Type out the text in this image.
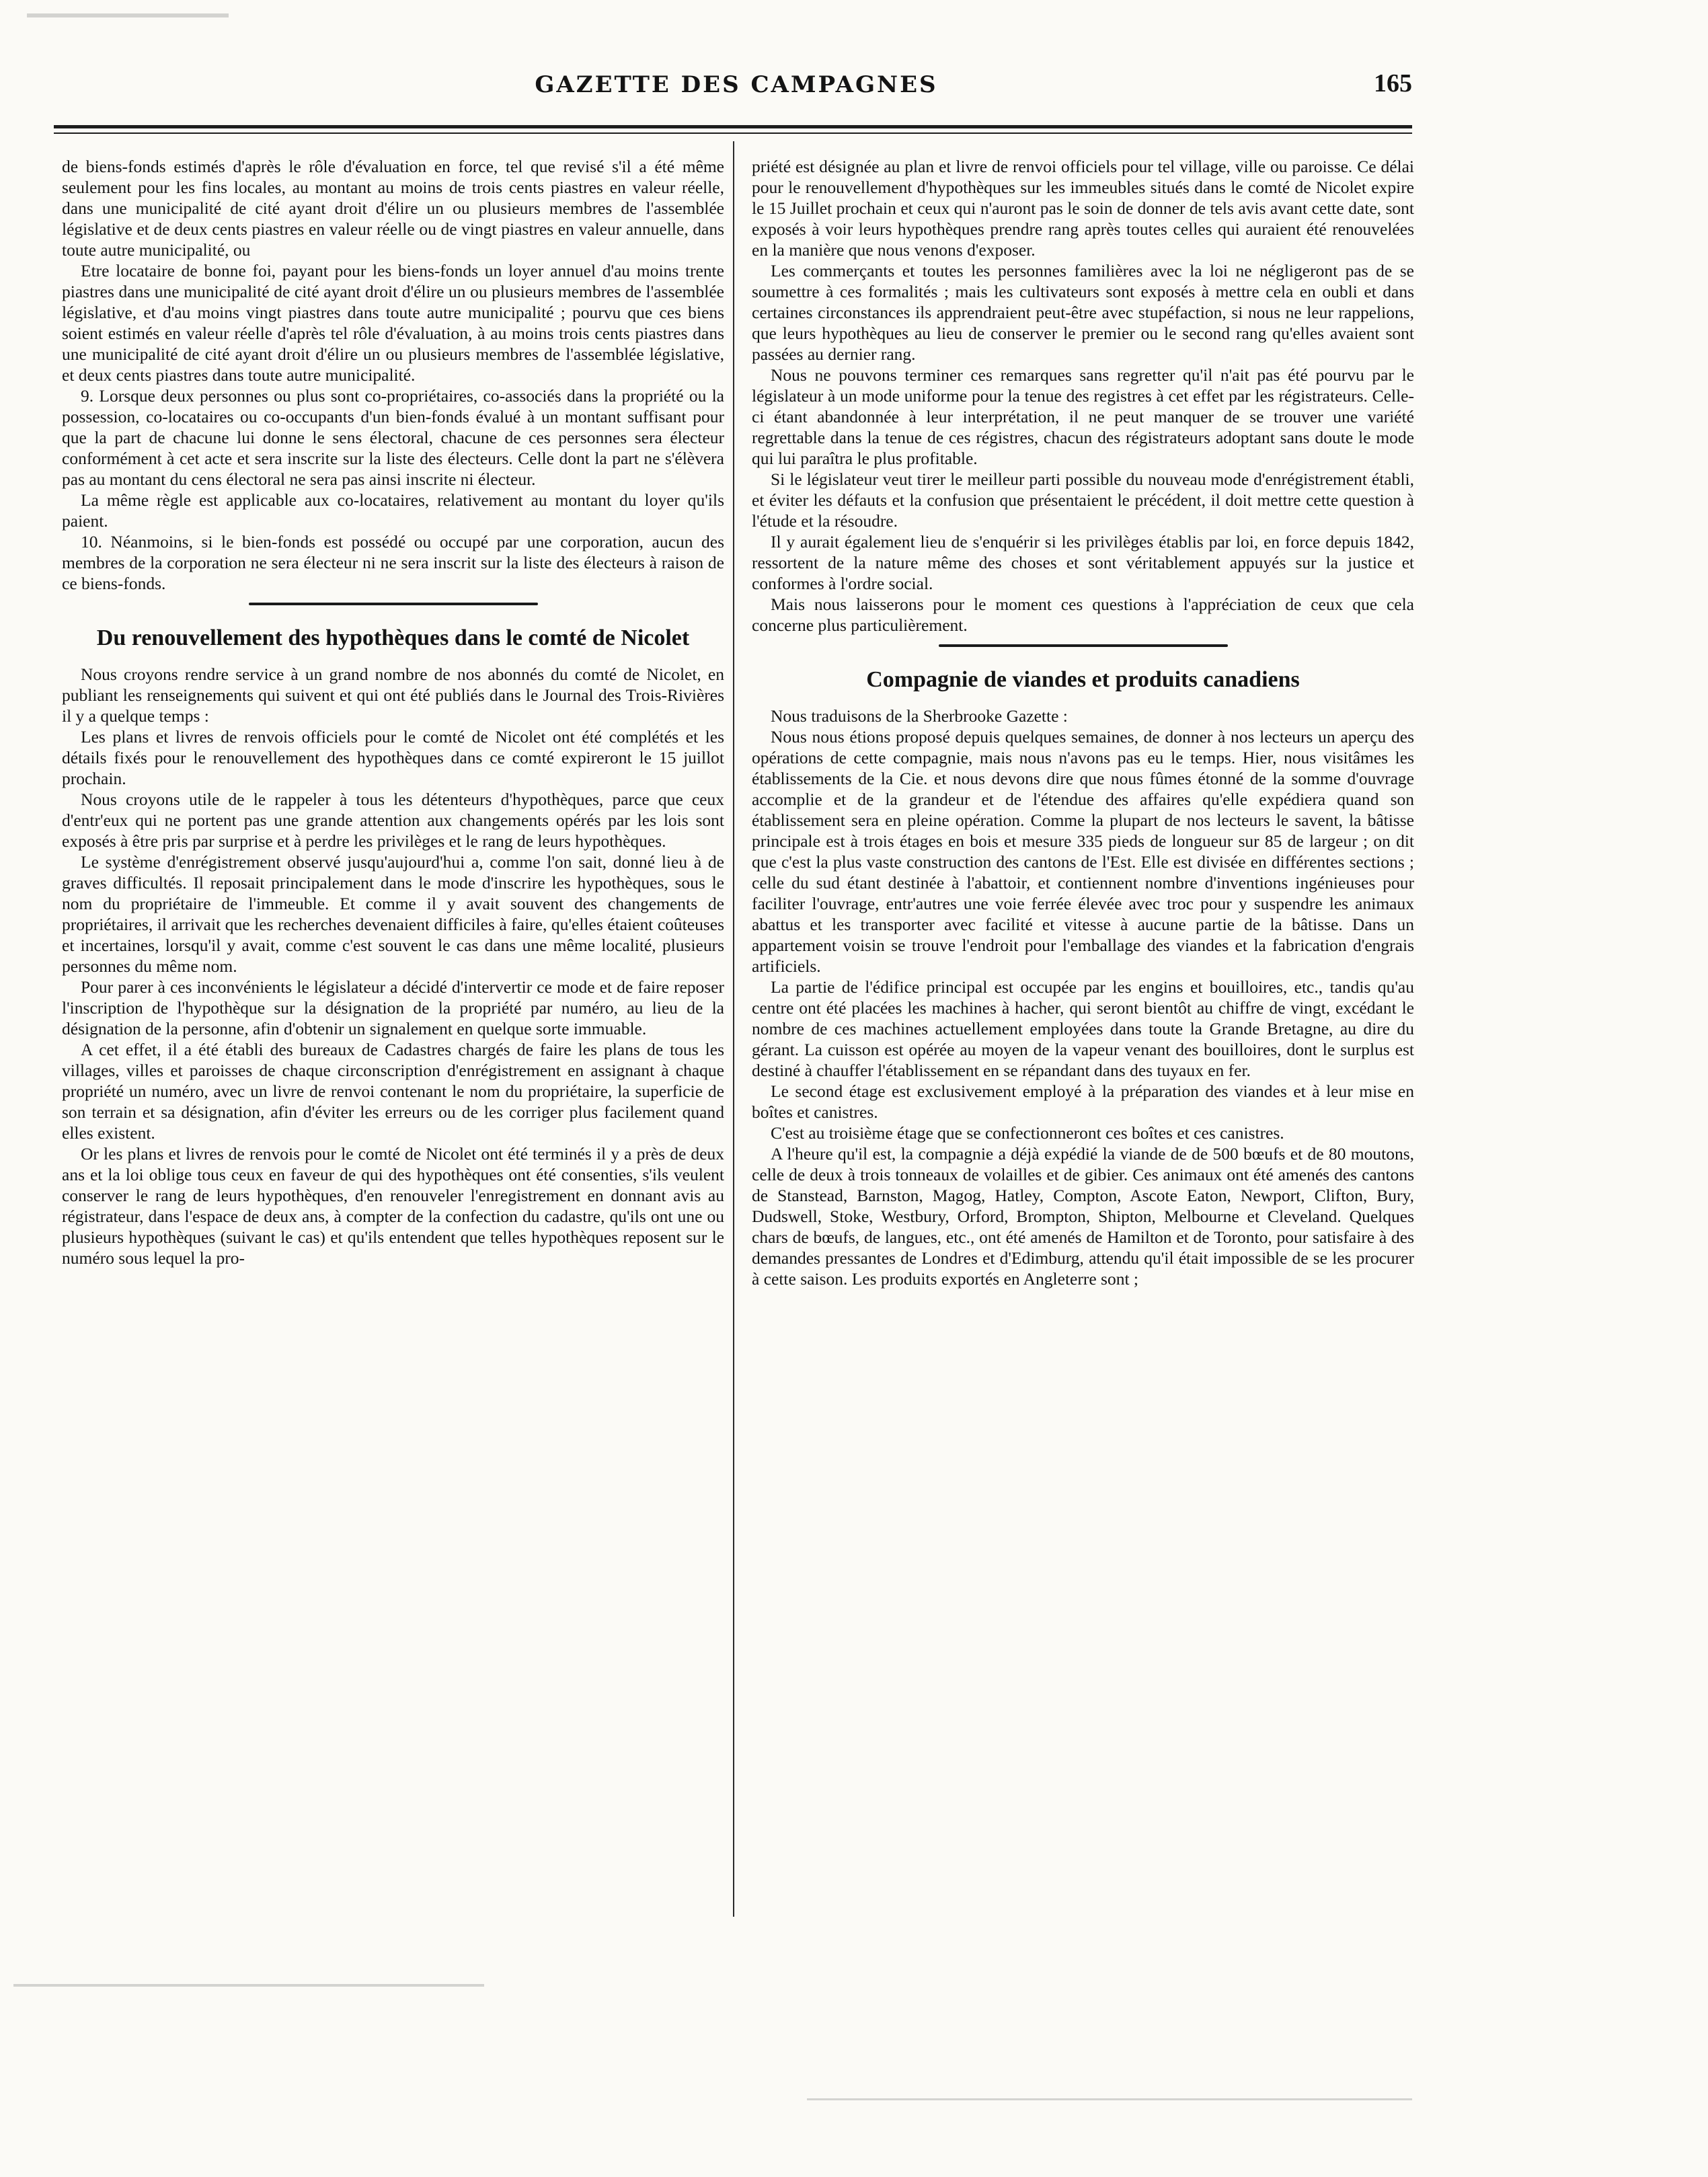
GAZETTE DES CAMPAGNES	165

de biens-fonds estimés d'après le rôle d'évaluation en force, tel que revisé s'il a été même seulement pour les fins locales, au montant au moins de trois cents piastres en valeur réelle, dans une municipalité de cité ayant droit d'élire un ou plusieurs membres de l'assemblée législative et de deux cents piastres en valeur réelle ou de vingt piastres en valeur annuelle, dans toute autre municipalité, ou

Etre locataire de bonne foi, payant pour les biens-fonds un loyer annuel d'au moins trente piastres dans une municipalité de cité ayant droit d'élire un ou plusieurs membres de l'assemblée législative, et d'au moins vingt piastres dans toute autre municipalité ; pourvu que ces biens soient estimés en valeur réelle d'après tel rôle d'évaluation, à au moins trois cents piastres dans une municipalité de cité ayant droit d'élire un ou plusieurs membres de l'assemblée législative, et deux cents piastres dans toute autre municipalité.

9. Lorsque deux personnes ou plus sont co-propriétaires, co-associés dans la propriété ou la possession, co-locataires ou co-occupants d'un bien-fonds évalué à un montant suffisant pour que la part de chacune lui donne le sens électoral, chacune de ces personnes sera électeur conformément à cet acte et sera inscrite sur la liste des électeurs. Celle dont la part ne s'élèvera pas au montant du cens électoral ne sera pas ainsi inscrite ni électeur.

La même règle est applicable aux co-locataires, relativement au montant du loyer qu'ils paient.

10. Néanmoins, si le bien-fonds est possédé ou occupé par une corporation, aucun des membres de la corporation ne sera électeur ni ne sera inscrit sur la liste des électeurs à raison de ce biens-fonds.

Du renouvellement des hypothèques dans le comté de Nicolet

Nous croyons rendre service à un grand nombre de nos abonnés du comté de Nicolet, en publiant les renseignements qui suivent et qui ont été publiés dans le Journal des Trois-Rivières il y a quelque temps :

Les plans et livres de renvois officiels pour le comté de Nicolet ont été complétés et les détails fixés pour le renouvellement des hypothèques dans ce comté expireront le 15 juillot prochain.

Nous croyons utile de le rappeler à tous les détenteurs d'hypothèques, parce que ceux d'entr'eux qui ne portent pas une grande attention aux changements opérés par les lois sont exposés à être pris par surprise et à perdre les privilèges et le rang de leurs hypothèques.

Le système d'enrégistrement observé jusqu'aujourd'hui a, comme l'on sait, donné lieu à de graves difficultés. Il reposait principalement dans le mode d'inscrire les hypothèques, sous le nom du propriétaire de l'immeuble. Et comme il y avait souvent des changements de propriétaires, il arrivait que les recherches devenaient difficiles à faire, qu'elles étaient coûteuses et incertaines, lorsqu'il y avait, comme c'est souvent le cas dans une même localité, plusieurs personnes du même nom.

Pour parer à ces inconvénients le législateur a décidé d'intervertir ce mode et de faire reposer l'inscription de l'hypothèque sur la désignation de la propriété par numéro, au lieu de la désignation de la personne, afin d'obtenir un signalement en quelque sorte immuable.

A cet effet, il a été établi des bureaux de Cadastres chargés de faire les plans de tous les villages, villes et paroisses de chaque circonscription d'enrégistrement en assignant à chaque propriété un numéro, avec un livre de renvoi contenant le nom du propriétaire, la superficie de son terrain et sa désignation, afin d'éviter les erreurs ou de les corriger plus facilement quand elles existent.

Or les plans et livres de renvois pour le comté de Nicolet ont été terminés il y a près de deux ans et la loi oblige tous ceux en faveur de qui des hypothèques ont été consenties, s'ils veulent conserver le rang de leurs hypothèques, d'en renouveler l'enregistrement en donnant avis au régistrateur, dans l'espace de deux ans, à compter de la confection du cadastre, qu'ils ont une ou plusieurs hypothèques (suivant le cas) et qu'ils entendent que telles hypothèques reposent sur le numéro sous lequel la pro-

priété est désignée au plan et livre de renvoi officiels pour tel village, ville ou paroisse. Ce délai pour le renouvellement d'hypothèques sur les immeubles situés dans le comté de Nicolet expire le 15 Juillet prochain et ceux qui n'auront pas le soin de donner de tels avis avant cette date, sont exposés à voir leurs hypothèques prendre rang après toutes celles qui auraient été renouvelées en la manière que nous venons d'exposer.

Les commerçants et toutes les personnes familières avec la loi ne négligeront pas de se soumettre à ces formalités ; mais les cultivateurs sont exposés à mettre cela en oubli et dans certaines circonstances ils apprendraient peut-être avec stupéfaction, si nous ne leur rappelions, que leurs hypothèques au lieu de conserver le premier ou le second rang qu'elles avaient sont passées au dernier rang.

Nous ne pouvons terminer ces remarques sans regretter qu'il n'ait pas été pourvu par le législateur à un mode uniforme pour la tenue des registres à cet effet par les régistrateurs. Celle-ci étant abandonnée à leur interprétation, il ne peut manquer de se trouver une variété regrettable dans la tenue de ces régistres, chacun des régistrateurs adoptant sans doute le mode qui lui paraîtra le plus profitable.

Si le législateur veut tirer le meilleur parti possible du nouveau mode d'enrégistrement établi, et éviter les défauts et la confusion que présentaient le précédent, il doit mettre cette question à l'étude et la résoudre.

Il y aurait également lieu de s'enquérir si les privilèges établis par loi, en force depuis 1842, ressortent de la nature même des choses et sont véritablement appuyés sur la justice et conformes à l'ordre social.

Mais nous laisserons pour le moment ces questions à l'appréciation de ceux que cela concerne plus particulièrement.

Compagnie de viandes et produits canadiens

Nous traduisons de la Sherbrooke Gazette :

Nous nous étions proposé depuis quelques semaines, de donner à nos lecteurs un aperçu des opérations de cette compagnie, mais nous n'avons pas eu le temps. Hier, nous visitâmes les établissements de la Cie. et nous devons dire que nous fûmes étonné de la somme d'ouvrage accomplie et de la grandeur et de l'étendue des affaires qu'elle expédiera quand son établissement sera en pleine opération. Comme la plupart de nos lecteurs le savent, la bâtisse principale est à trois étages en bois et mesure 335 pieds de longueur sur 85 de largeur ; on dit que c'est la plus vaste construction des cantons de l'Est. Elle est divisée en différentes sections ; celle du sud étant destinée à l'abattoir, et contiennent nombre d'inventions ingénieuses pour faciliter l'ouvrage, entr'autres une voie ferrée élevée avec troc pour y suspendre les animaux abattus et les transporter avec facilité et vitesse à aucune partie de la bâtisse. Dans un appartement voisin se trouve l'endroit pour l'emballage des viandes et la fabrication d'engrais artificiels.

La partie de l'édifice principal est occupée par les engins et bouilloires, etc., tandis qu'au centre ont été placées les machines à hacher, qui seront bientôt au chiffre de vingt, excédant le nombre de ces machines actuellement employées dans toute la Grande Bretagne, au dire du gérant. La cuisson est opérée au moyen de la vapeur venant des bouilloires, dont le surplus est destiné à chauffer l'établissement en se répandant dans des tuyaux en fer.

Le second étage est exclusivement employé à la préparation des viandes et à leur mise en boîtes et canistres.

C'est au troisième étage que se confectionneront ces boîtes et ces canistres.

A l'heure qu'il est, la compagnie a déjà expédié la viande de de 500 bœufs et de 80 moutons, celle de deux à trois tonneaux de volailles et de gibier. Ces animaux ont été amenés des cantons de Stanstead, Barnston, Magog, Hatley, Compton, Ascote Eaton, Newport, Clifton, Bury, Dudswell, Stoke, Westbury, Orford, Brompton, Shipton, Melbourne et Cleveland. Quelques chars de bœufs, de langues, etc., ont été amenés de Hamilton et de Toronto, pour satisfaire à des demandes pressantes de Londres et d'Edimburg, attendu qu'il était impossible de se les procurer à cette saison. Les produits exportés en Angleterre sont ;
